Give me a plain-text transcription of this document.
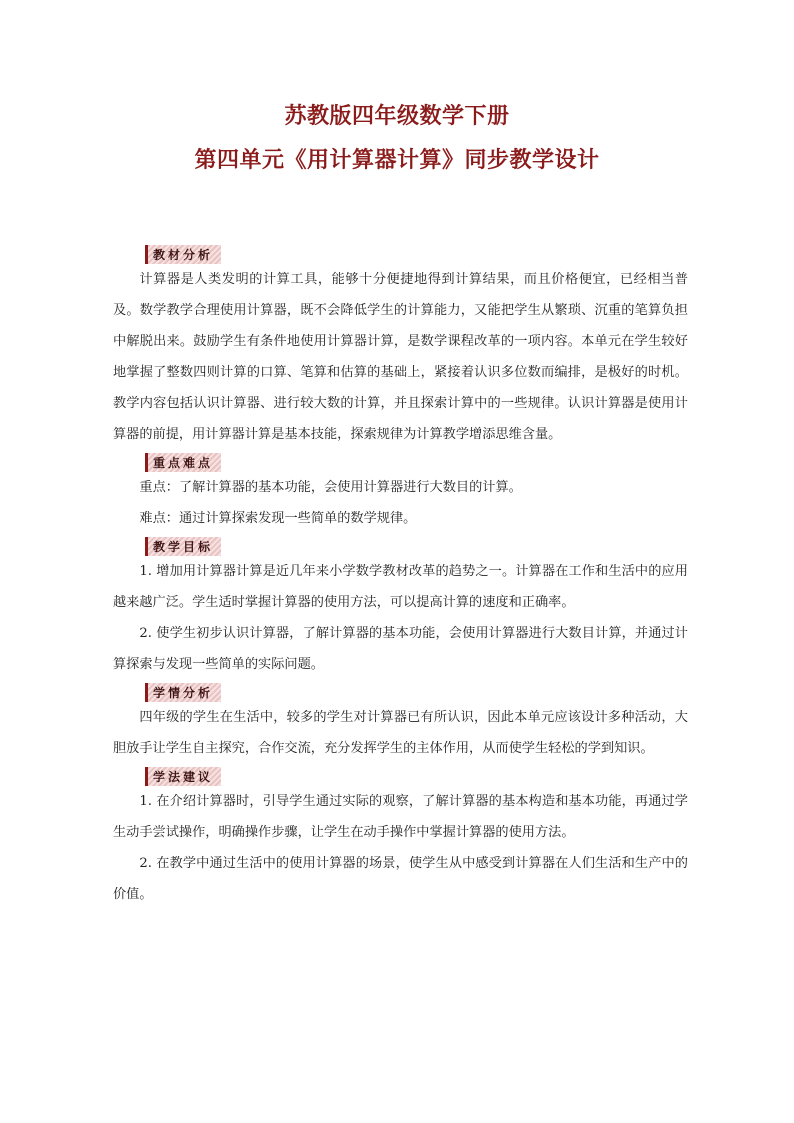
苏教版四年级数学下册

第四单元《用计算器计算》同步教学设计

教材分析

计算器是人类发明的计算工具，能够十分便捷地得到计算结果，而且价格便宜，已经相当普及。数学教学合理使用计算器，既不会降低学生的计算能力，又能把学生从繁琐、沉重的笔算负担中解脱出来。鼓励学生有条件地使用计算器计算，是数学课程改革的一项内容。本单元在学生较好地掌握了整数四则计算的口算、笔算和估算的基础上，紧接着认识多位数而编排，是极好的时机。教学内容包括认识计算器、进行较大数的计算，并且探索计算中的一些规律。认识计算器是使用计算器的前提，用计算器计算是基本技能，探索规律为计算教学增添思维含量。

重点难点

重点：了解计算器的基本功能，会使用计算器进行大数目的计算。

难点：通过计算探索发现一些简单的数学规律。

教学目标

1. 增加用计算器计算是近几年来小学数学教材改革的趋势之一。计算器在工作和生活中的应用越来越广泛。学生适时掌握计算器的使用方法，可以提高计算的速度和正确率。

2. 使学生初步认识计算器，了解计算器的基本功能，会使用计算器进行大数目计算，并通过计算探索与发现一些简单的实际问题。

学情分析

四年级的学生在生活中，较多的学生对计算器已有所认识，因此本单元应该设计多种活动，大胆放手让学生自主探究，合作交流，充分发挥学生的主体作用，从而使学生轻松的学到知识。

学法建议

1. 在介绍计算器时，引导学生通过实际的观察，了解计算器的基本构造和基本功能，再通过学生动手尝试操作，明确操作步骤，让学生在动手操作中掌握计算器的使用方法。

2. 在教学中通过生活中的使用计算器的场景，使学生从中感受到计算器在人们生活和生产中的价值。
